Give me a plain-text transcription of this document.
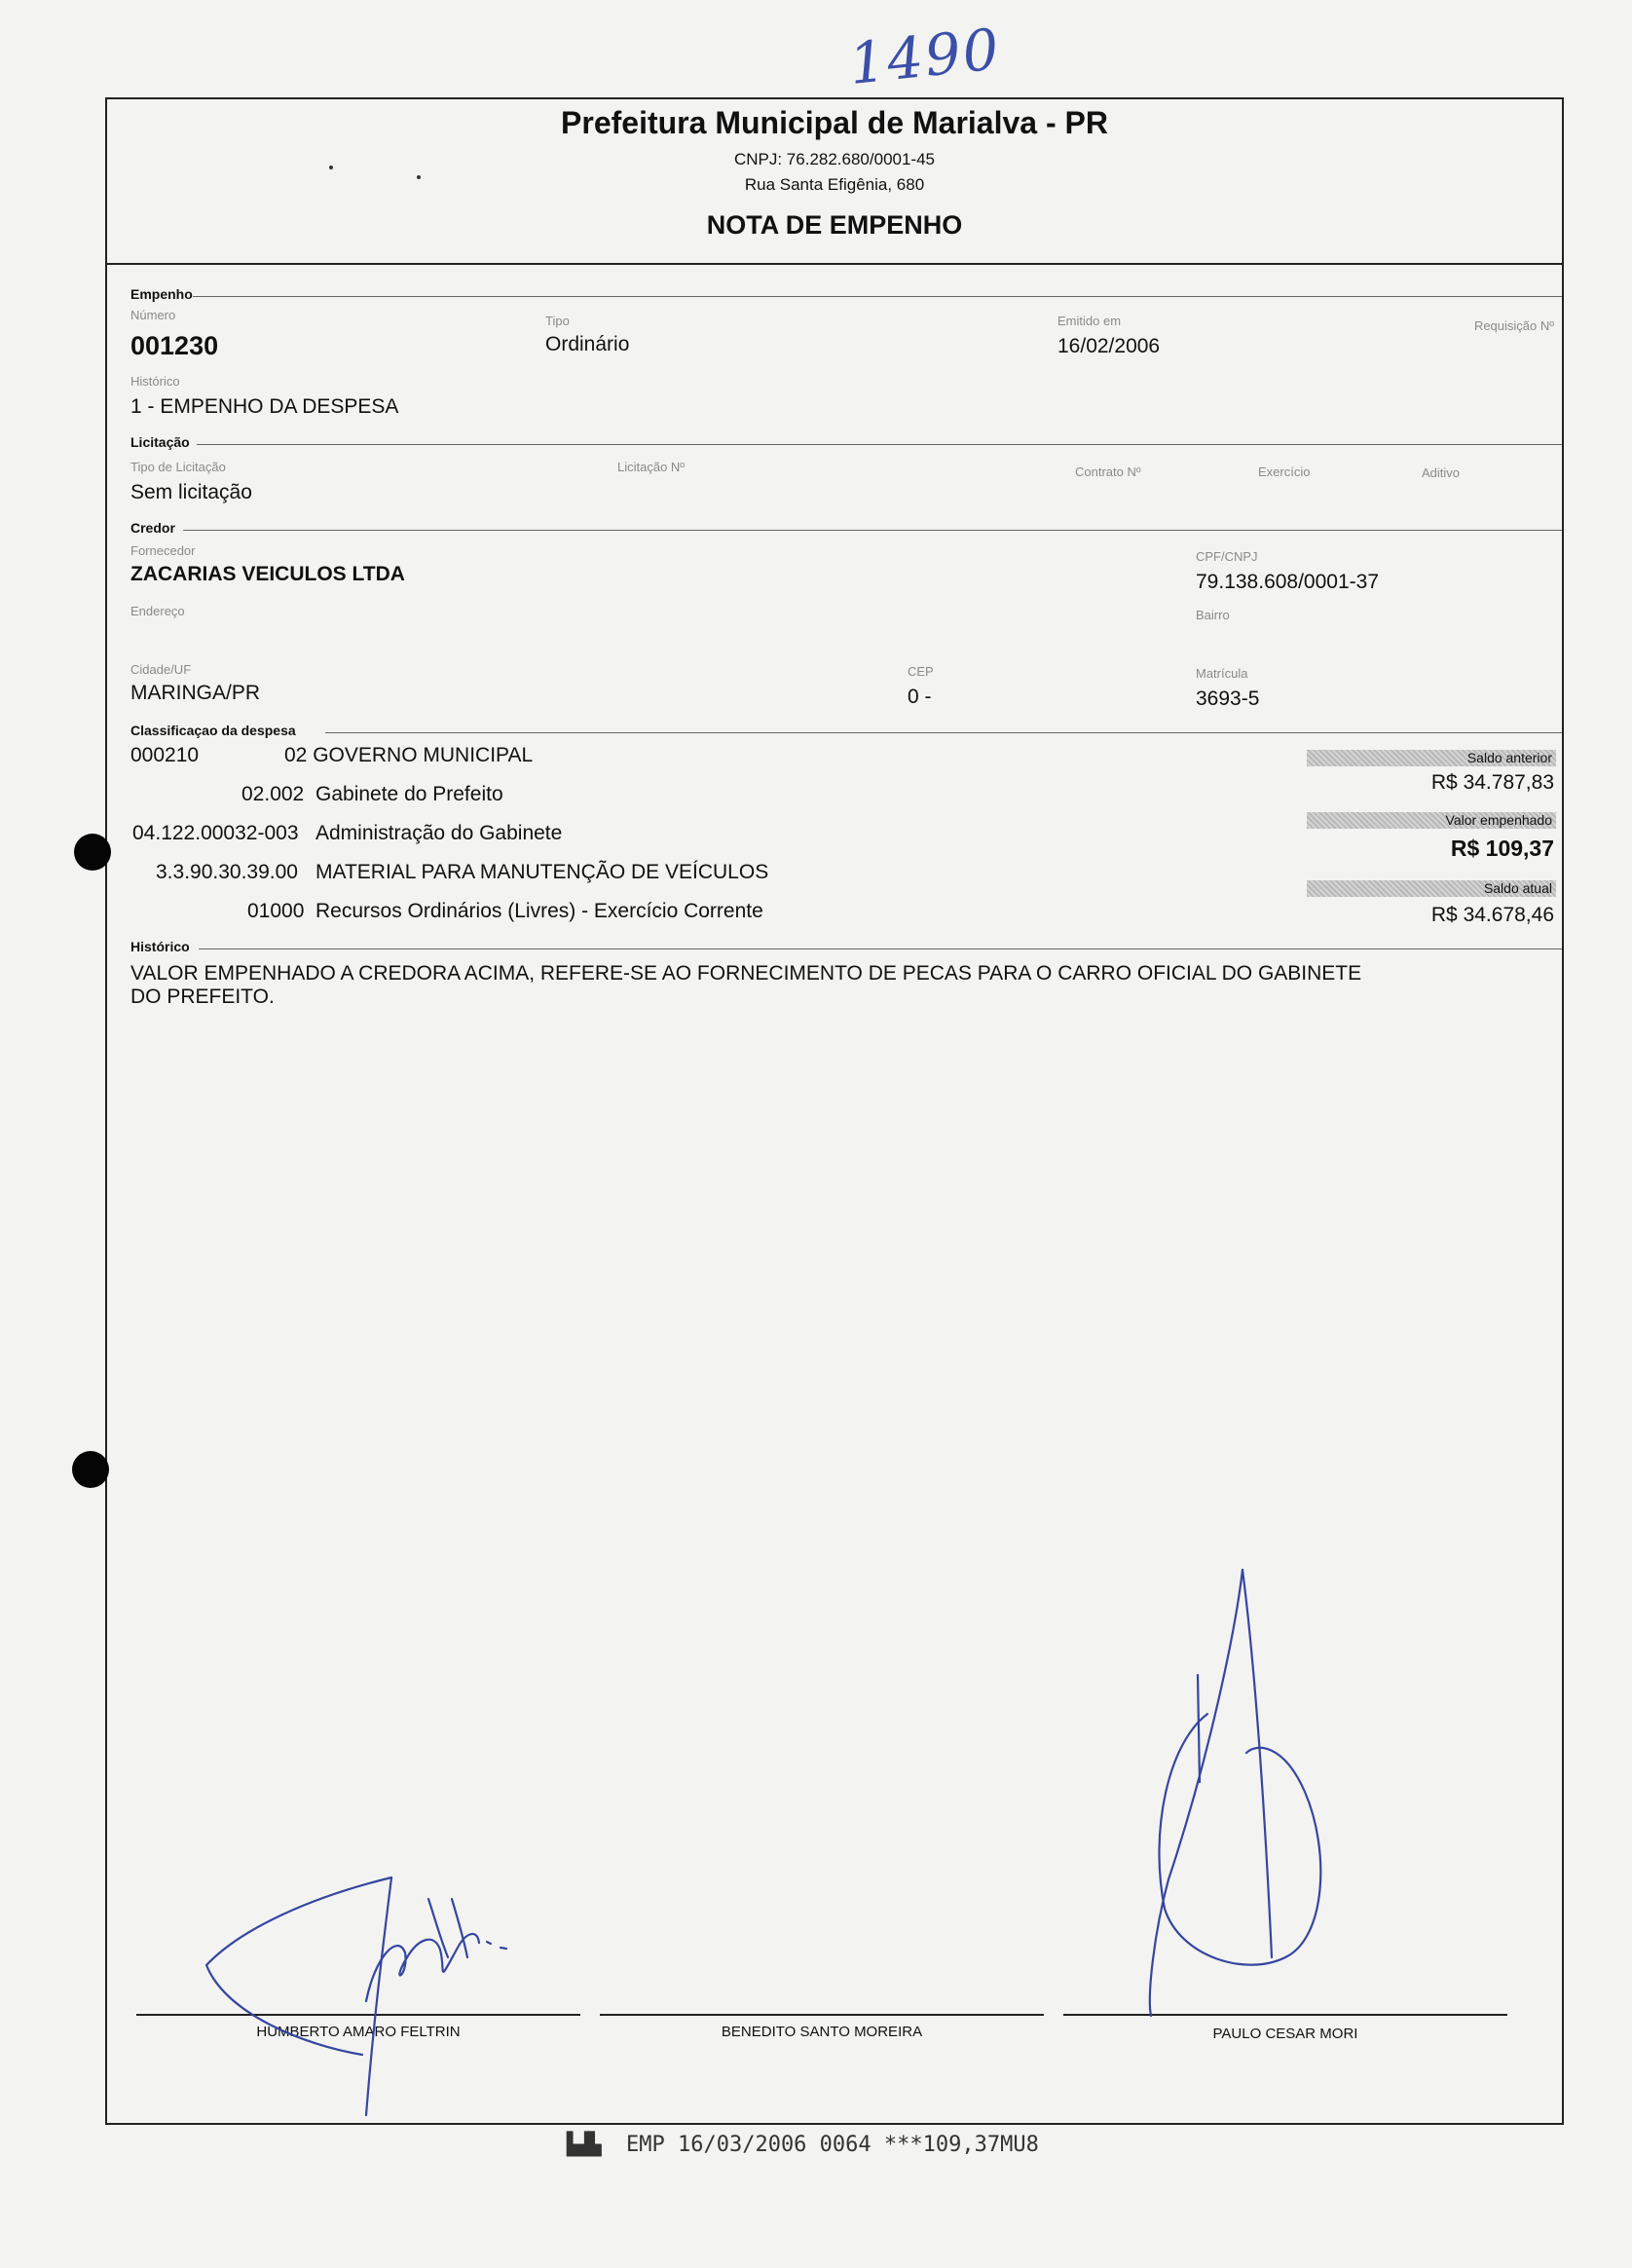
1490
Prefeitura Municipal de Marialva - PR
CNPJ: 76.282.680/0001-45
Rua Santa Efigênia, 680
NOTA DE EMPENHO
Empenho
Número
001230
Tipo
Ordinário
Emitido em
16/02/2006
Requisição Nº
Histórico
1 - EMPENHO DA DESPESA
Licitação
Tipo de Licitação
Sem licitação
Licitação Nº	Contrato Nº	Exercício	Aditivo
Credor
Fornecedor
ZACARIAS VEICULOS LTDA
CPF/CNPJ
79.138.608/0001-37
Endereço	Bairro
Cidade/UF
MARINGA/PR
CEP
0 -
Matrícula
3693-5
Classificaçao da despesa
000210	02 GOVERNO MUNICIPAL
02.002 Gabinete do Prefeito
04.122.00032-003 Administração do Gabinete
3.3.90.30.39.00 MATERIAL PARA MANUTENÇÃO DE VEÍCULOS
01000 Recursos Ordinários (Livres) - Exercício Corrente
Saldo anterior
R$ 34.787,83
Valor empenhado
R$ 109,37
Saldo atual
R$ 34.678,46
Histórico
VALOR EMPENHADO A CREDORA ACIMA, REFERE-SE AO FORNECIMENTO DE PECAS PARA O CARRO OFICIAL DO GABINETE
DO PREFEITO.
HUMBERTO AMARO FELTRIN	BENEDITO SANTO MOREIRA	PAULO CESAR MORI
▙▟▙ EMP 16/03/2006 0064 ***109,37MU8
